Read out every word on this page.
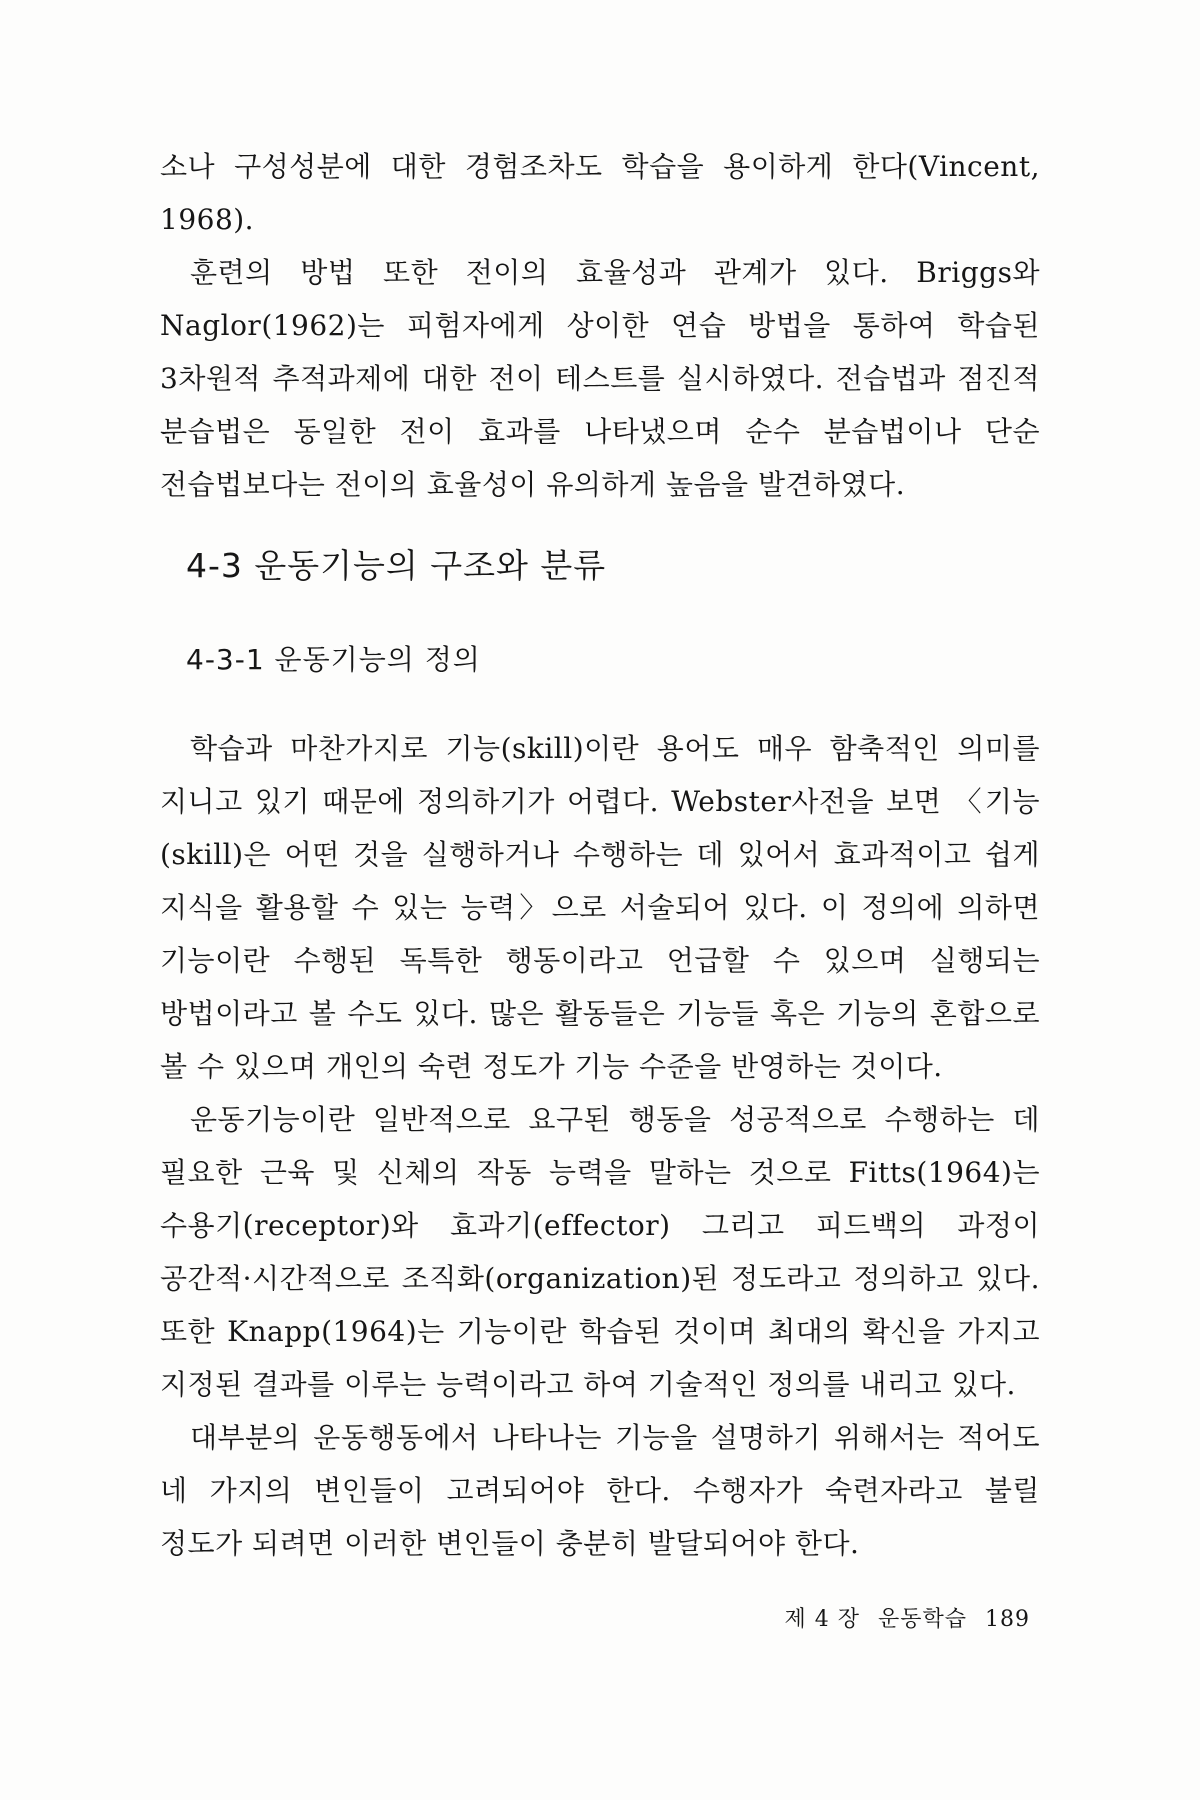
소나 구성성분에 대한 경험조차도 학습을 용이하게 한다(Vincent, 1968).

훈련의 방법 또한 전이의 효율성과 관계가 있다. Briggs와 Naglor(1962)는 피험자에게 상이한 연습 방법을 통하여 학습된 3차원적 추적과제에 대한 전이 테스트를 실시하였다. 전습법과 점진적 분습법은 동일한 전이 효과를 나타냈으며 순수 분습법이나 단순 전습법보다는 전이의 효율성이 유의하게 높음을 발견하였다.

4-3 운동기능의 구조와 분류
4-3-1 운동기능의 정의

학습과 마찬가지로 기능(skill)이란 용어도 매우 함축적인 의미를 지니고 있기 때문에 정의하기가 어렵다. Webster사전을 보면 〈기능(skill)은 어떤 것을 실행하거나 수행하는 데 있어서 효과적이고 쉽게 지식을 활용할 수 있는 능력〉으로 서술되어 있다. 이 정의에 의하면 기능이란 수행된 독특한 행동이라고 언급할 수 있으며 실행되는 방법이라고 볼 수도 있다. 많은 활동들은 기능들 혹은 기능의 혼합으로 볼 수 있으며 개인의 숙련 정도가 기능 수준을 반영하는 것이다.

운동기능이란 일반적으로 요구된 행동을 성공적으로 수행하는 데 필요한 근육 및 신체의 작동 능력을 말하는 것으로 Fitts(1964)는 수용기(receptor)와 효과기(effector) 그리고 피드백의 과정이 공간적·시간적으로 조직화(organization)된 정도라고 정의하고 있다. 또한 Knapp(1964)는 기능이란 학습된 것이며 최대의 확신을 가지고 지정된 결과를 이루는 능력이라고 하여 기술적인 정의를 내리고 있다.

대부분의 운동행동에서 나타나는 기능을 설명하기 위해서는 적어도 네 가지의 변인들이 고려되어야 한다. 수행자가 숙련자라고 불릴 정도가 되려면 이러한 변인들이 충분히 발달되어야 한다.

제 4 장 운동학습 189
